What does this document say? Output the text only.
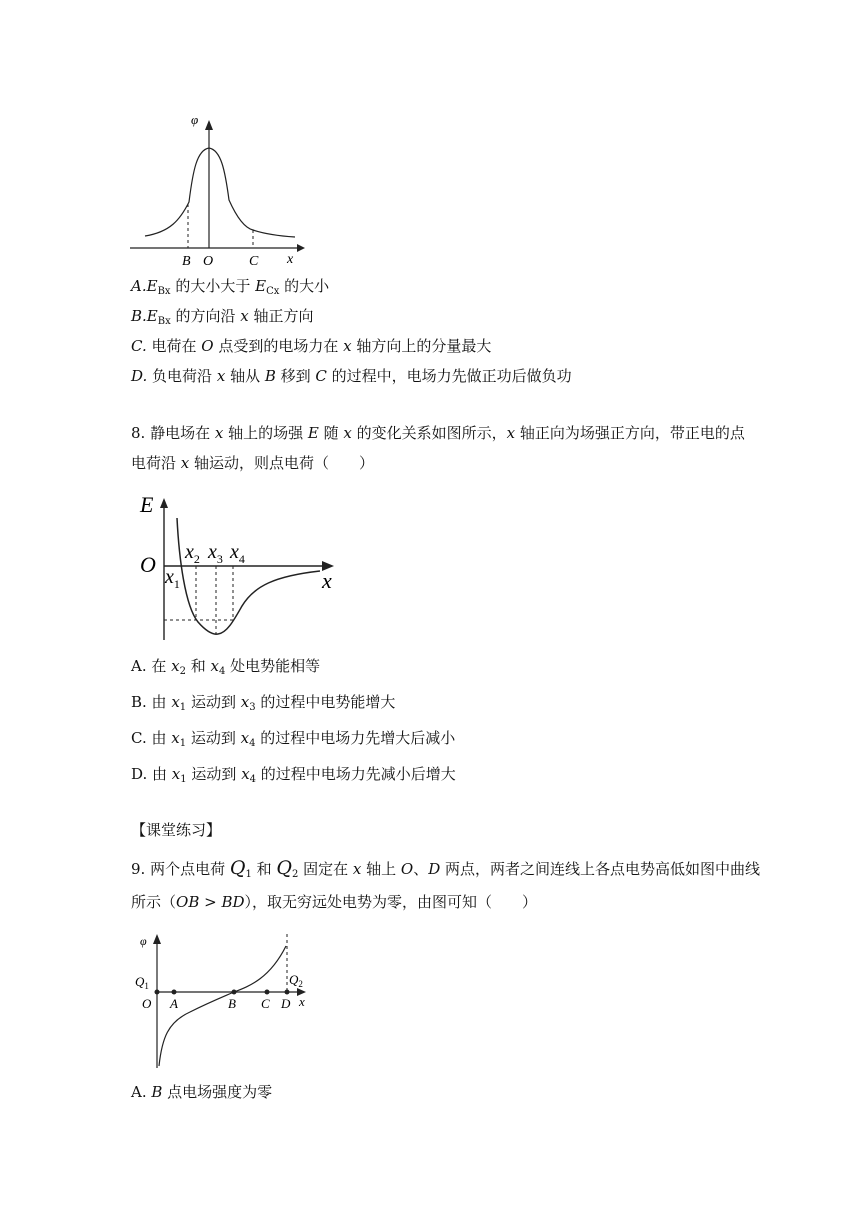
φ
B O	C x
$A.E_{Bx}$ 的大小大于 $E_{Cx}$ 的大小
$B.E_{Bx}$ 的方向沿 x 轴正方向
C. 电荷在 O 点受到的电场力在 x 轴方向上的分量最大
D. 负电荷沿 x 轴从 B 移到 C 的过程中，电场力先做正功后做负功
8. 静电场在 x 轴上的场强 E 随 x 的变化关系如图所示，x 轴正向为场强正方向，带正电的点
电荷沿 x 轴运动，则点电荷（　　）
E
O
x
$x_1$
$x_2$ $x_3$ $x_4$
A. 在 $x_2$ 和 $x_4$ 处电势能相等
B. 由 $x_1$ 运动到 $x_3$ 的过程中电势能增大
C. 由 $x_1$ 运动到 $x_4$ 的过程中电场力先增大后减小
D. 由 $x_1$ 运动到 $x_4$ 的过程中电场力先减小后增大
【课堂练习】
9. 两个点电荷 $Q_1$ 和 $Q_2$ 固定在 x 轴上 O、D 两点，两者之间连线上各点电势高低如图中曲线
所示（OB > BD），取无穷远处电势为零，由图可知（　　）
φ
$Q_1$	$Q_2$
O A	B C D x
A. B 点电场强度为零
